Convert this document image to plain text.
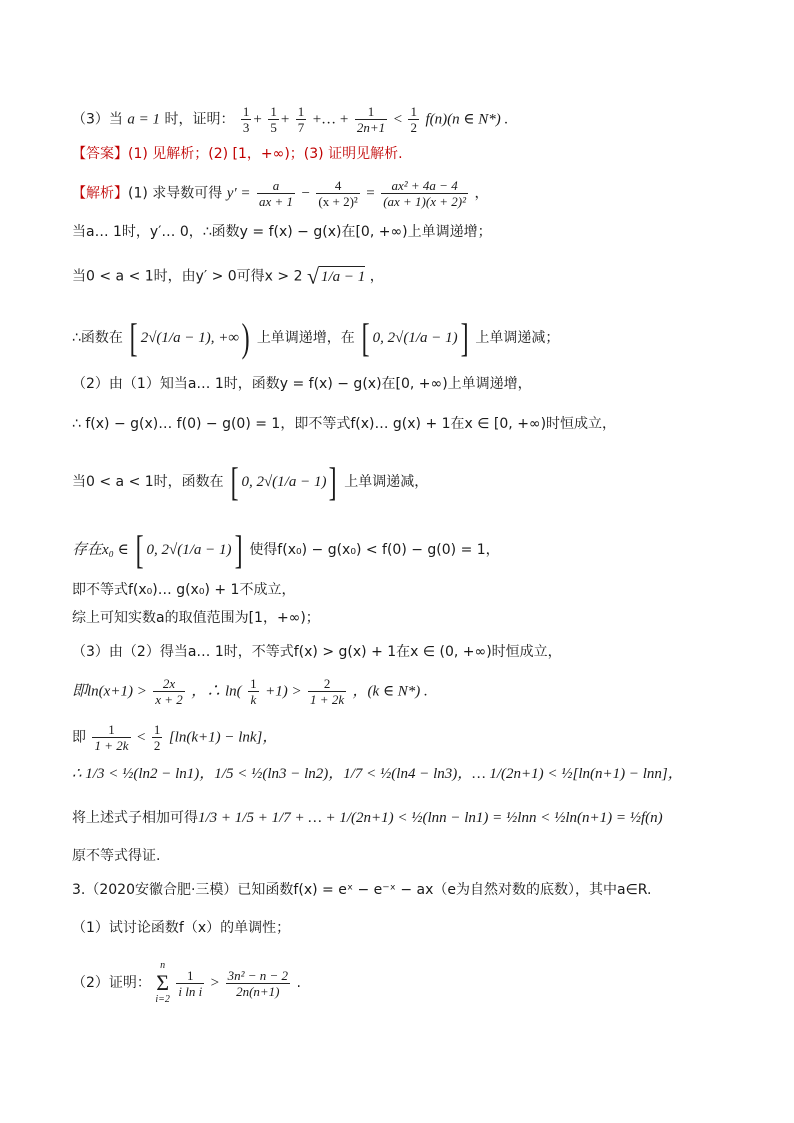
（3）当 a = 1 时，证明： $\frac{1}{3} + \frac{1}{5} + \frac{1}{7}$ +… + $\frac{1}{2n+1} < \frac{1}{2} f(n)(n$ ∈ N*) .
【答案】(1) 见解析；(2) [1，+∞)；(3) 证明见解析.
【解析】(1) 求导数可得 $y' = \frac{a}{ax + 1} - \frac{4}{\text{(x + 2)²}} = \frac{\text{ax² + 4a − 4}}{\text{(ax + 1)(x + 2)²}}$ ，
当a… 1时，y′… 0，∴函数y = f(x) − g(x)在[0, +∞)上单调递增；
当0 < a < 1时，由y′ > 0可得x > 2 √ 1/a − 1 ，
∴函数在 [ 2√(1/a − 1), +∞) 上单调递增，在 [ 0, 2√(1/a − 1)] 上单调递减；
（2）由（1）知当a… 1时，函数y = f(x) − g(x)在[0, +∞)上单调递增，
∴ f(x) − g(x)… f(0) − g(0) = 1，即不等式f(x)… g(x) + 1在x ∈ [0, +∞)时恒成立，
当0 < a < 1时，函数在 [ 0, 2√(1/a − 1)] 上单调递减，
存在x₀ ∈ [ 0, 2√(1/a − 1)] 使得f(x₀) − g(x₀) < f(0) − g(0) = 1，
即不等式f(x₀)… g(x₀) + 1不成立，
综上可知实数a的取值范围为[1，+∞)；
（3）由（2）得当a… 1时，不等式f(x) > g(x) + 1在x ∈ (0, +∞)时恒成立，
即$\ln(x+1) > \frac{2x}{x + 2}$ ，∴ $\ln( \frac{1}{k} +1) > \frac{2}{1 + 2k}$ ，(k ∈ N*) .
即 $\frac{1}{1 + 2k} < \frac{1}{2} [\ln(k+1) - \ln k]$，
∴ 1/3 < ½(ln2 − ln1)，1/5 < ½(ln3 − ln2)，1/7 < ½(ln4 − ln3)，… 1/(2n+1) < ½[ln(n+1) − lnn]，
将上述式子相加可得1/3 + 1/5 + 1/7 + … + 1/(2n+1) < ½(lnn − ln1) = ½lnn < ½ln(n+1) = ½f(n)
原不等式得证.
3.（2020安徽合肥·三模）已知函数f(x) = eˣ − e⁻ˣ − ax（e为自然对数的底数），其中a∈R.
（1）试讨论函数f（x）的单调性；
（2）证明：
n
Σ
i=2

$\frac{1}{\text{i ln i}} > \frac{\text{3n² − n − 2}}{2n(n+1)}$ .
